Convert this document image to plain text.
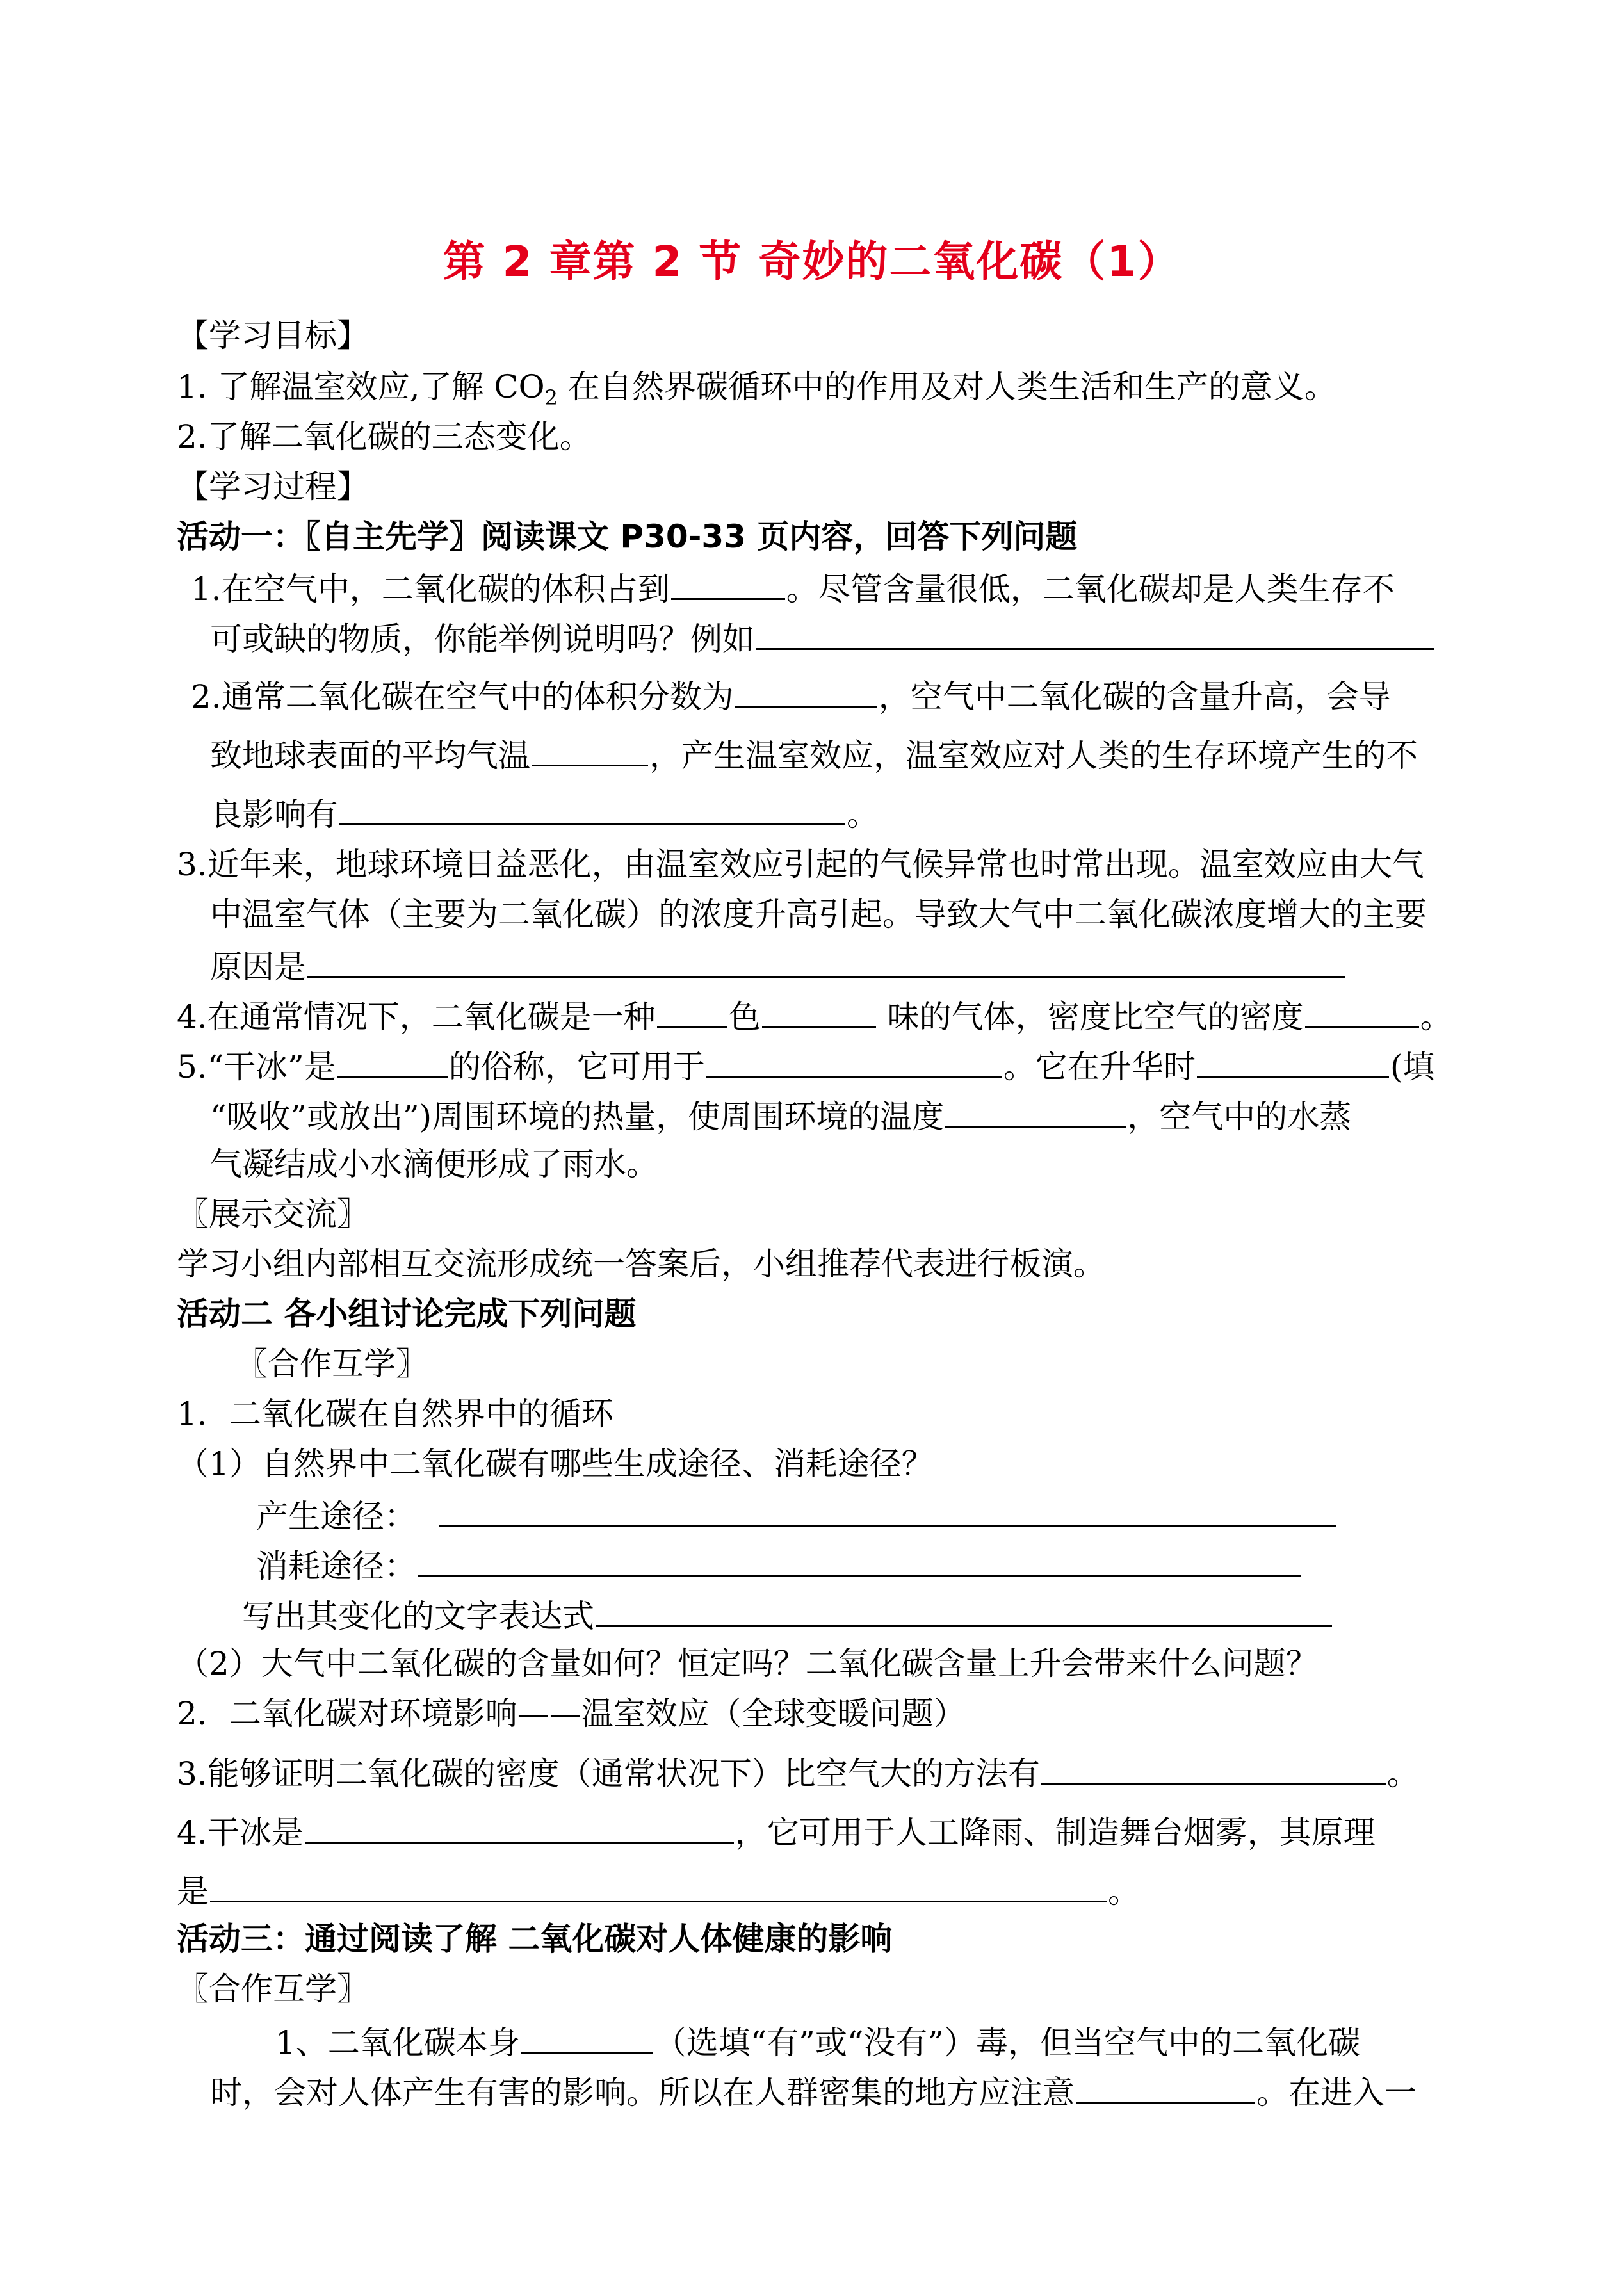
第 2 章第 2 节 奇妙的二氧化碳（1）
【学习目标】
1. 了解温室效应,了解 $CO_2$ 在自然界碳循环中的作用及对人类生活和生产的意义。
2.了解二氧化碳的三态变化。
【学习过程】
活动一：〖自主先学〗阅读课文 P30-33 页内容，回答下列问题
1.在空气中，二氧化碳的体积占到	。尽管含量很低，二氧化碳却是人类生存不
可或缺的物质，你能举例说明吗？例如
2.通常二氧化碳在空气中的体积分数为	，空气中二氧化碳的含量升高，会导
致地球表面的平均气温	，产生温室效应，温室效应对人类的生存环境产生的不
良影响有	。
3.近年来，地球环境日益恶化，由温室效应引起的气候异常也时常出现。温室效应由大气
中温室气体（主要为二氧化碳）的浓度升高引起。导致大气中二氧化碳浓度增大的主要
原因是
4.在通常情况下，二氧化碳是一种 色	味的气体，密度比空气的密度	。
5.“干冰”是	的俗称，它可用于	。它在升华时	(填
“吸收”或放出”)周围环境的热量，使周围环境的温度	，空气中的水蒸
气凝结成小水滴便形成了雨水。
〖展示交流〗
学习小组内部相互交流形成统一答案后，小组推荐代表进行板演。
活动二 各小组讨论完成下列问题
〖合作互学〗
1．二氧化碳在自然界中的循环
（1）自然界中二氧化碳有哪些生成途径、消耗途径？
产生途径：
消耗途径：
写出其变化的文字表达式
（2）大气中二氧化碳的含量如何？恒定吗？二氧化碳含量上升会带来什么问题？
2．二氧化碳对环境影响——温室效应（全球变暖问题）
3.能够证明二氧化碳的密度（通常状况下）比空气大的方法有	。
4.干冰是	，它可用于人工降雨、制造舞台烟雾，其原理
是	。
活动三：通过阅读了解 二氧化碳对人体健康的影响
〖合作互学〗
1、二氧化碳本身	（选填“有”或“没有”）毒，但当空气中的二氧化碳
时，会对人体产生有害的影响。所以在人群密集的地方应注意	。在进入一
